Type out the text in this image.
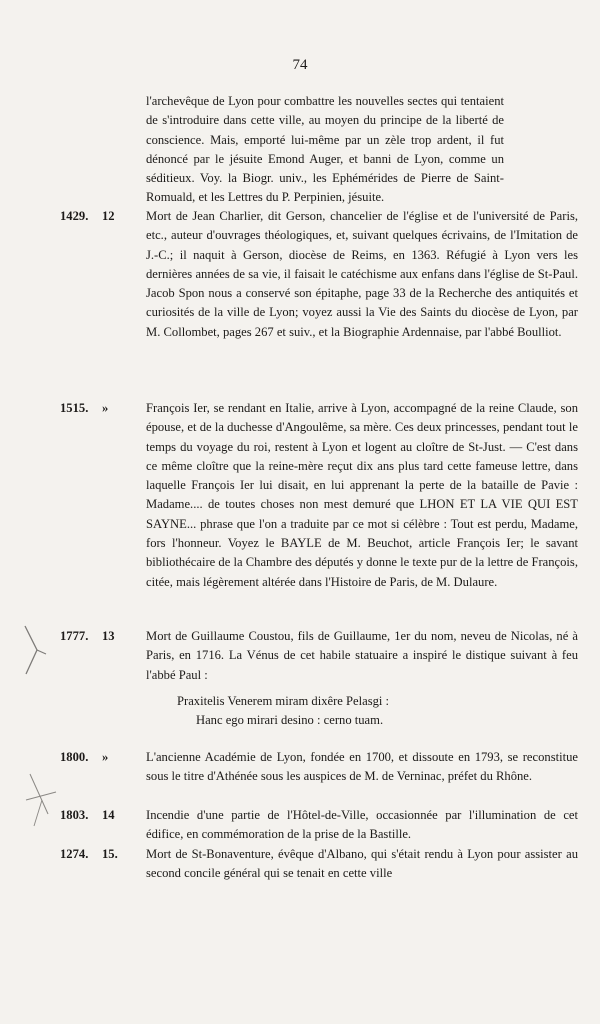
74

l'archevêque de Lyon pour combattre les nouvelles sectes qui tentaient de s'introduire dans cette ville, au moyen du principe de la liberté de conscience. Mais, emporté lui-même par un zèle trop ardent, il fut dénoncé par le jésuite Emond Auger, et banni de Lyon, comme un séditieux. Voy. la Biogr. univ., les Ephémérides de Pierre de Saint-Romuald, et les Lettres du P. Perpinien, jésuite.

1429.	12	Mort de Jean Charlier, dit Gerson, chancelier de l'église et de l'université de Paris, etc., auteur d'ouvrages théologiques, et, suivant quelques écrivains, de l'Imitation de J.-C.; il naquit à Gerson, diocèse de Reims, en 1363. Réfugié à Lyon vers les dernières années de sa vie, il faisait le catéchisme aux enfans dans l'église de St-Paul. Jacob Spon nous a conservé son épitaphe, page 33 de la Recherche des antiquités et curiosités de la ville de Lyon; voyez aussi la Vie des Saints du diocèse de Lyon, par M. Collombet, pages 267 et suiv., et la Biographie Ardennaise, par l'abbé Boulliot.

1515.	»	François Ier, se rendant en Italie, arrive à Lyon, accompagné de la reine Claude, son épouse, et de la duchesse d'Angoulême, sa mère. Ces deux princesses, pendant tout le temps du voyage du roi, restent à Lyon et logent au cloître de St-Just. — C'est dans ce même cloître que la reine-mère reçut dix ans plus tard cette fameuse lettre, dans laquelle François Ier lui disait, en lui apprenant la perte de la bataille de Pavie : Madame.... de toutes choses non mest demuré que LHON ET LA VIE QUI EST SAYNE... phrase que l'on a traduite par ce mot si célèbre : Tout est perdu, Madame, fors l'honneur. Voyez le BAYLE de M. Beuchot, article François Ier; le savant bibliothécaire de la Chambre des députés y donne le texte pur de la lettre de François, citée, mais légèrement altérée dans l'Histoire de Paris, de M. Dulaure.

1777.	13	Mort de Guillaume Coustou, fils de Guillaume, 1er du nom, neveu de Nicolas, né à Paris, en 1716. La Vénus de cet habile statuaire a inspiré le distique suivant à feu l'abbé Paul :

Praxitelis Venerem miram dixêre Pelasgi :
Hanc ego mirari desino : cerno tuam.
1800.	»	L'ancienne Académie de Lyon, fondée en 1700, et dissoute en 1793, se reconstitue sous le titre d'Athénée sous les auspices de M. de Verninac, préfet du Rhône.

1803.	14	Incendie d'une partie de l'Hôtel-de-Ville, occasionnée par l'illumination de cet édifice, en commémoration de la prise de la Bastille.

1274.	15.	Mort de St-Bonaventure, évêque d'Albano, qui s'était rendu à Lyon pour assister au second concile général qui se tenait en cette ville
